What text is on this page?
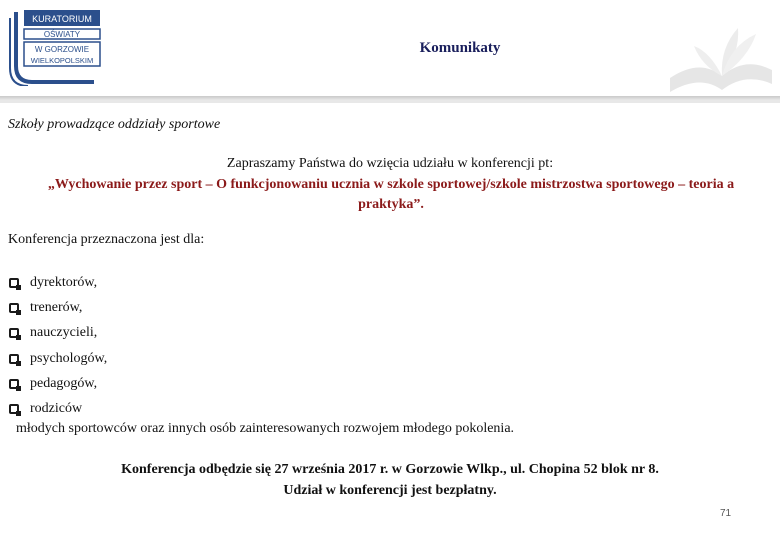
KURATORIUM
OŚWIATY
W GORZOWIE
WIELKOPOLSKIM
Komunikaty
Szkoły prowadzące oddziały sportowe
Zapraszamy Państwa do wzięcia udziału w konferencji pt:
„Wychowanie przez sport – O funkcjonowaniu ucznia w szkole sportowej/szkole mistrzostwa sportowego – teoria a praktyka”.
Konferencja przeznaczona jest dla:
dyrektorów,
trenerów,
nauczycieli,
psychologów,
pedagogów,
rodziców
młodych sportowców oraz innych osób zainteresowanych rozwojem młodego pokolenia.
Konferencja odbędzie się 27 września 2017 r. w Gorzowie Wlkp., ul. Chopina 52 blok nr 8.
Udział w konferencji jest bezpłatny.
71
